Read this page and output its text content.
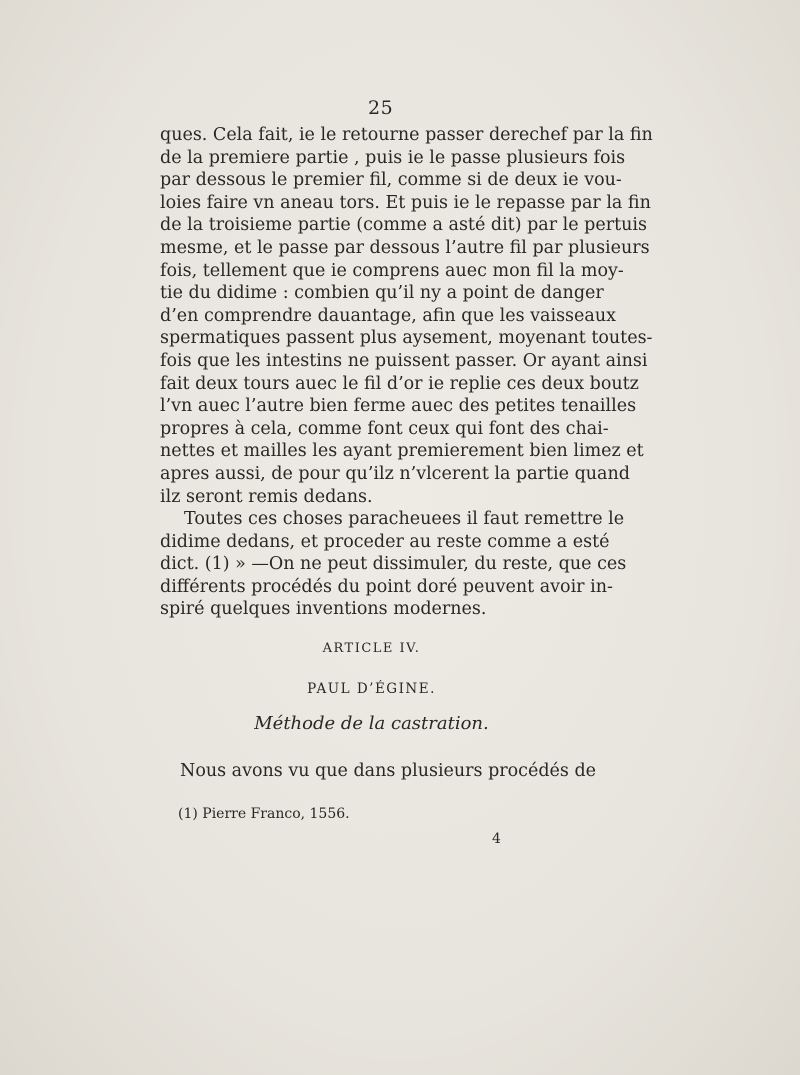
25
ques. Cela fait, ie le retourne passer derechef par la fin
de la premiere partie , puis ie le passe plusieurs fois
par dessous le premier fil, comme si de deux ie vou-
loies faire vn aneau tors. Et puis ie le repasse par la fin
de la troisieme partie (comme a asté dit) par le pertuis
mesme, et le passe par dessous l’autre fil par plusieurs
fois, tellement que ie comprens auec mon fil la moy-
tie du didime : combien qu’il ny a point de danger
d’en comprendre dauantage, afin que les vaisseaux
spermatiques passent plus aysement, moyenant toutes-
fois que les intestins ne puissent passer. Or ayant ainsi
fait deux tours auec le fil d’or ie replie ces deux boutz
l’vn auec l’autre bien ferme auec des petites tenailles
propres à cela, comme font ceux qui font des chai-
nettes et mailles les ayant premierement bien limez et
apres aussi, de pour qu’ilz n’vlcerent la partie quand
ilz seront remis dedans.
Toutes ces choses paracheuees il faut remettre le
didime dedans, et proceder au reste comme a esté
dict. (1) » —On ne peut dissimuler, du reste, que ces
différents procédés du point doré peuvent avoir in-
spiré quelques inventions modernes.
ARTICLE IV.
PAUL D’ÉGINE.
Méthode de la castration.
Nous avons vu que dans plusieurs procédés de
(1) Pierre Franco, 1556.
4
